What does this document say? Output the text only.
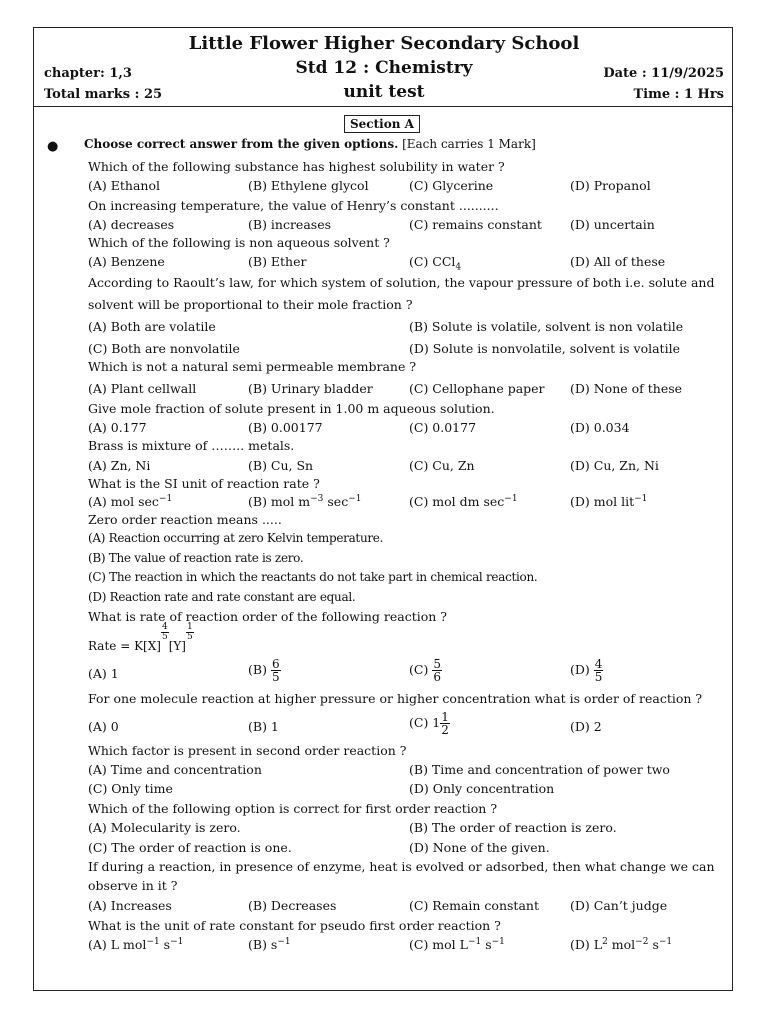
Little Flower Higher Secondary School
Std 12 : Chemistry
unit test
chapter: 1,3
Total marks : 25
Date : 11/9/2025
Time : 1 Hrs
Section A
● Choose correct answer from the given options. [Each carries 1 Mark]
Which of the following substance has highest solubility in water ?
(A) Ethanol	(B) Ethylene glycol	(C) Glycerine	(D) Propanol
On increasing temperature, the value of Henry’s constant ..........
(A) decreases	(B) increases	(C) remains constant (D) uncertain
Which of the following is non aqueous solvent ?
(A) Benzene	(B) Ether	(C) CCl$_4$	(D) All of these
According to Raoult’s law, for which system of solution, the vapour pressure of both i.e. solute and
solvent will be proportional to their mole fraction ?
(A) Both are volatile	(B) Solute is volatile, solvent is non volatile
(C) Both are nonvolatile	(D) Solute is nonvolatile, solvent is volatile
Which is not a natural semi permeable membrane ?
(A) Plant cellwall	(B) Urinary bladder	(C) Cellophane paper (D) None of these
Give mole fraction of solute present in 1.00 m aqueous solution.
(A) 0.177	(B) 0.00177	(C) 0.0177	(D) 0.034
Brass is mixture of …….. metals.
(A) Zn, Ni	(B) Cu, Sn	(C) Cu, Zn	(D) Cu, Zn, Ni
What is the SI unit of reaction rate ?
(A) mol $\sec^{-1}$	(B) mol $m^{-3}$ $\sec^{-1}$	(C) mol dm $\sec^{-1}$	(D) mol lit$^{-1}$
Zero order reaction means .....
(A) Reaction occurring at zero Kelvin temperature.
(B) The value of reaction rate is zero.
(C) The reaction in which the reactants do not take part in chemical reaction.
(D) Reaction rate and rate constant are equal.
What is rate of reaction order of the following reaction ?
Rate = K[X]
$\frac{4}{5}$
[Y]
$\frac{1}{5}$
(A) 1	$(B) \frac{6}{5}$	$(C) \frac{5}{6}$	$(D) \frac{4}{5}$
For one molecule reaction at higher pressure or higher concentration what is order of reaction ?
(A) 0	(B) 1	(C) $1 \frac{1}{2}$	(D) 2
Which factor is present in second order reaction ?
(A) Time and concentration	(B) Time and concentration of power two
(C) Only time	(D) Only concentration
Which of the following option is correct for first order reaction ?
(A) Molecularity is zero.	(B) The order of reaction is zero.
(C) The order of reaction is one.	(D) None of the given.
If during a reaction, in presence of enzyme, heat is evolved or adsorbed, then what change we can
observe in it ?
(A) Increases	(B) Decreases	(C) Remain constant (D) Can’t judge
What is the unit of rate constant for pseudo first order reaction ?
(A) L mol$^{-1}$ $s^{-1}$	(B) $s^{-1}$	(C) mol $L^{-1}$ $s^{-1}$	(D) $L^2$ mol$^{-2}$ $s^{-1}$
